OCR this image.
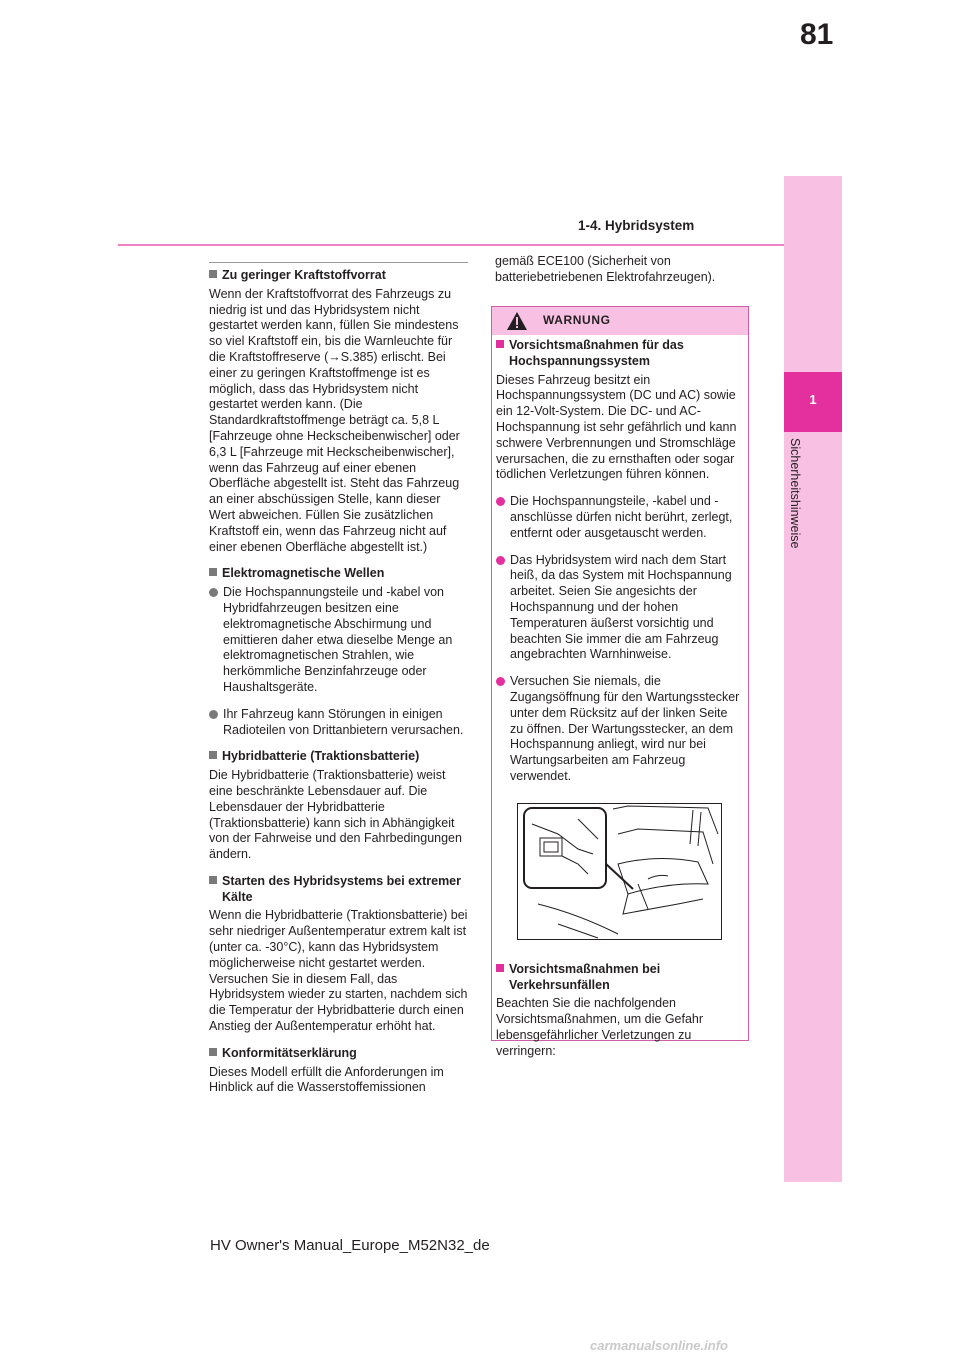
81
1-4. Hybridsystem
1
Sicherheitshinweise
Zu geringer Kraftstoffvorrat
Wenn der Kraftstoffvorrat des Fahrzeugs zu niedrig ist und das Hybridsystem nicht gestartet werden kann, füllen Sie mindestens so viel Kraftstoff ein, bis die Warnleuchte für die Kraftstoffreserve (→S.385) erlischt. Bei einer zu geringen Kraftstoffmenge ist es möglich, dass das Hybridsystem nicht gestartet werden kann. (Die Standardkraftstoffmenge beträgt ca. 5,8 L [Fahrzeuge ohne Heckscheibenwischer] oder 6,3 L [Fahrzeuge mit Heckscheibenwischer], wenn das Fahrzeug auf einer ebenen Oberfläche abgestellt ist. Steht das Fahrzeug an einer abschüssigen Stelle, kann dieser Wert abweichen. Füllen Sie zusätzlichen Kraftstoff ein, wenn das Fahrzeug nicht auf einer ebenen Oberfläche abgestellt ist.)
Elektromagnetische Wellen
Die Hochspannungsteile und -kabel von Hybridfahrzeugen besitzen eine elektromagnetische Abschirmung und emittieren daher etwa dieselbe Menge an elektromagnetischen Strahlen, wie herkömmliche Benzinfahrzeuge oder Haushaltsgeräte.
Ihr Fahrzeug kann Störungen in einigen Radioteilen von Drittanbietern verursachen.
Hybridbatterie (Traktionsbatterie)
Die Hybridbatterie (Traktionsbatterie) weist eine beschränkte Lebensdauer auf. Die Lebensdauer der Hybridbatterie (Traktionsbatterie) kann sich in Abhängigkeit von der Fahrweise und den Fahrbedingungen ändern.
Starten des Hybridsystems bei extremer Kälte
Wenn die Hybridbatterie (Traktionsbatterie) bei sehr niedriger Außentemperatur extrem kalt ist (unter ca. -30°C), kann das Hybridsystem möglicherweise nicht gestartet werden. Versuchen Sie in diesem Fall, das Hybridsystem wieder zu starten, nachdem sich die Temperatur der Hybridbatterie durch einen Anstieg der Außentemperatur erhöht hat.
Konformitätserklärung
Dieses Modell erfüllt die Anforderungen im Hinblick auf die Wasserstoffemissionen
gemäß ECE100 (Sicherheit von batteriebetriebenen Elektrofahrzeugen).
WARNUNG
Vorsichtsmaßnahmen für das Hochspannungssystem
Dieses Fahrzeug besitzt ein Hochspannungssystem (DC und AC) sowie ein 12-Volt-System. Die DC- und AC-Hochspannung ist sehr gefährlich und kann schwere Verbrennungen und Stromschläge verursachen, die zu ernsthaften oder sogar tödlichen Verletzungen führen können.
Die Hochspannungsteile, -kabel und -anschlüsse dürfen nicht berührt, zerlegt, entfernt oder ausgetauscht werden.
Das Hybridsystem wird nach dem Start heiß, da das System mit Hochspannung arbeitet. Seien Sie angesichts der Hochspannung und der hohen Temperaturen äußerst vorsichtig und beachten Sie immer die am Fahrzeug angebrachten Warnhinweise.
Versuchen Sie niemals, die Zugangsöffnung für den Wartungsstecker unter dem Rücksitz auf der linken Seite zu öffnen. Der Wartungsstecker, an dem Hochspannung anliegt, wird nur bei Wartungsarbeiten am Fahrzeug verwendet.
Vorsichtsmaßnahmen bei Verkehrsunfällen
Beachten Sie die nachfolgenden Vorsichtsmaßnahmen, um die Gefahr lebensgefährlicher Verletzungen zu verringern:
HV Owner's Manual_Europe_M52N32_de
carmanualsonline.info
